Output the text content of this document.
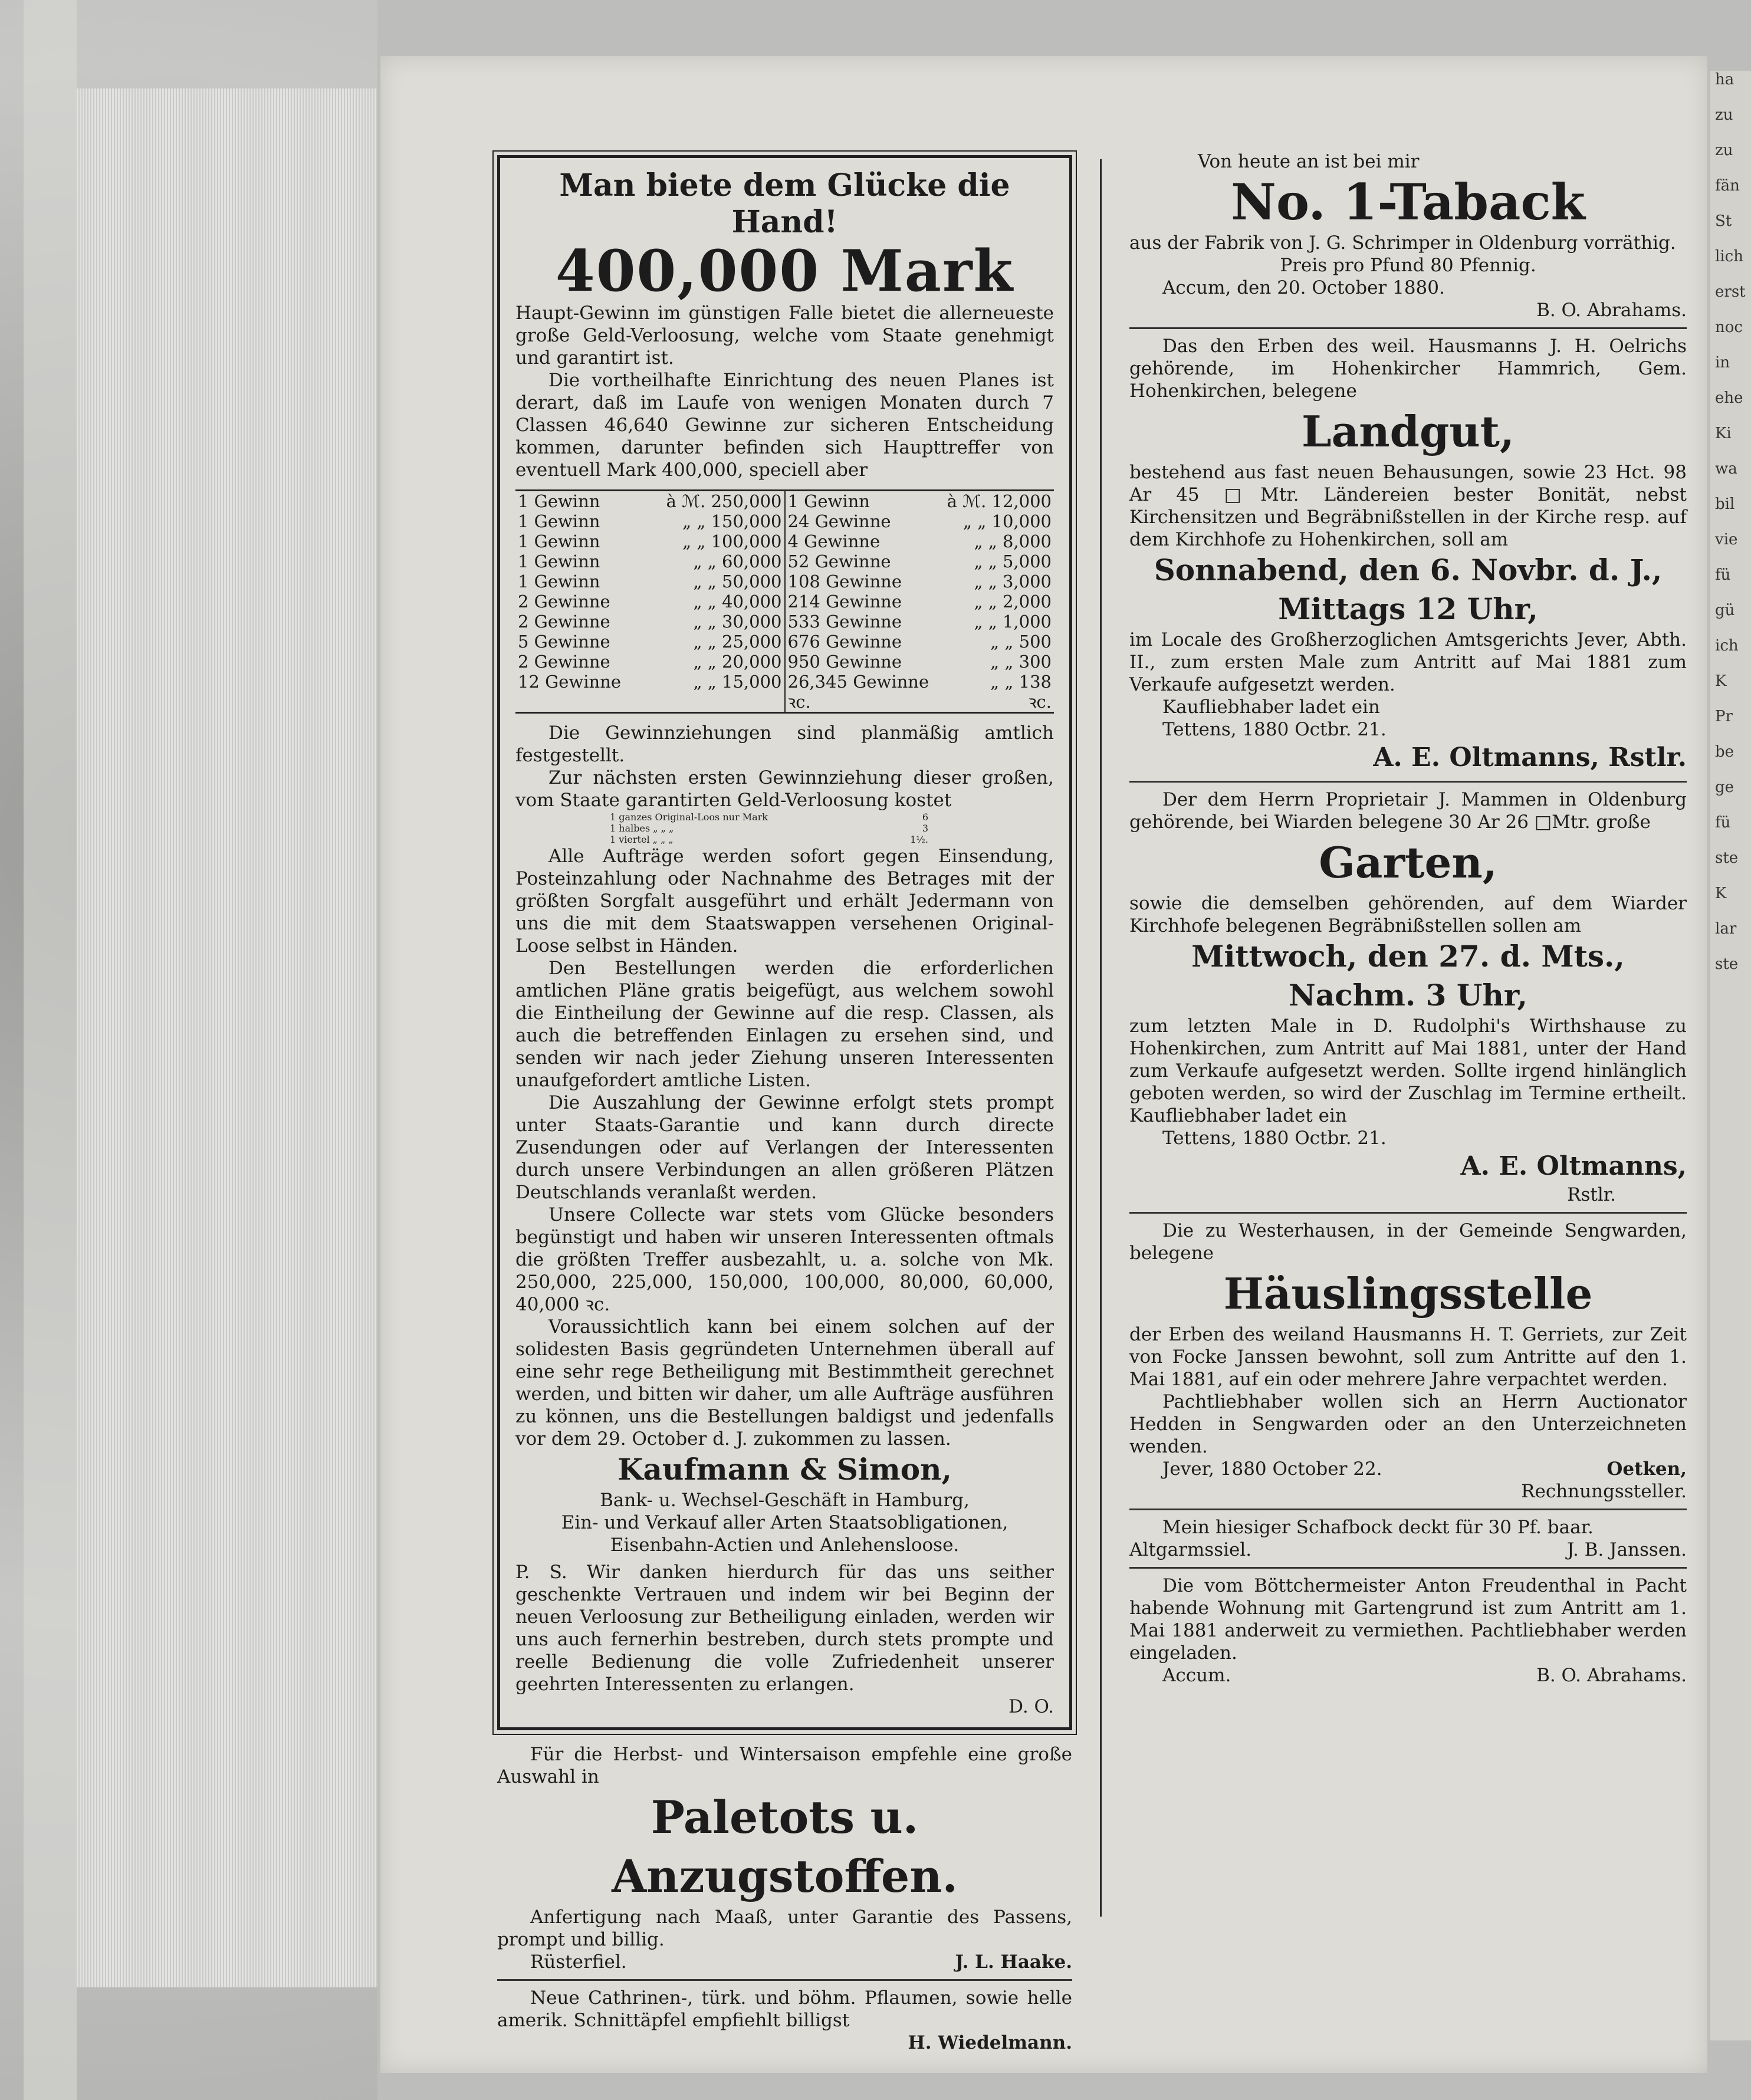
ha
zu
zu
fän
St
lich
erst
noc
in
ehe
Ki
wa
bil
vie
fü
gü
ich
K
Pr
be
ge
fü
ste
K
lar
ste
Man biete dem Glücke die Hand!
400,000 Mark

Haupt-Gewinn im günstigen Falle bietet die allerneueste große Geld-Verloosung, welche vom Staate genehmigt und garantirt ist.

Die vortheilhafte Einrichtung des neuen Planes ist derart, daß im Laufe von wenigen Monaten durch 7 Classen 46,640 Gewinne zur sicheren Entscheidung kommen, darunter befinden sich Haupttreffer von eventuell Mark 400,000, speciell aber

1 Gewinn	à ℳ. 250,000
1 Gewinn	„ „ 150,000
1 Gewinn	„ „ 100,000
1 Gewinn	„ „ 60,000
1 Gewinn	„ „ 50,000
2 Gewinne	„ „ 40,000
2 Gewinne	„ „ 30,000
5 Gewinne	„ „ 25,000
2 Gewinne	„ „ 20,000
12 Gewinne	„ „ 15,000

1 Gewinn	à ℳ. 12,000
24 Gewinne	„ „ 10,000
4 Gewinne	„ „ 8,000
52 Gewinne	„ „ 5,000
108 Gewinne	„ „ 3,000
214 Gewinne	„ „ 2,000
533 Gewinne	„ „ 1,000
676 Gewinne	„ „ 500
950 Gewinne	„ „ 300
26,345 Gewinne	„ „ 138
ꝛc.	ꝛc.

Die Gewinnziehungen sind planmäßig amtlich festgestellt.

Zur nächsten ersten Gewinnziehung dieser großen, vom Staate garantirten Geld-Verloosung kostet

1 ganzes Original-Loos nur Mark	6
1 halbes „ „ „	3
1 viertel „ „ „	1½.

Alle Aufträge werden sofort gegen Einsendung, Posteinzahlung oder Nachnahme des Betrages mit der größten Sorgfalt ausgeführt und erhält Jedermann von uns die mit dem Staatswappen versehenen Original-Loose selbst in Händen.

Den Bestellungen werden die erforderlichen amtlichen Pläne gratis beigefügt, aus welchem sowohl die Eintheilung der Gewinne auf die resp. Classen, als auch die betreffenden Einlagen zu ersehen sind, und senden wir nach jeder Ziehung unseren Interessenten unaufgefordert amtliche Listen.

Die Auszahlung der Gewinne erfolgt stets prompt unter Staats-Garantie und kann durch directe Zusendungen oder auf Verlangen der Interessenten durch unsere Verbindungen an allen größeren Plätzen Deutschlands veranlaßt werden.

Unsere Collecte war stets vom Glücke besonders begünstigt und haben wir unseren Interessenten oftmals die größten Treffer ausbezahlt, u. a. solche von Mk. 250,000, 225,000, 150,000, 100,000, 80,000, 60,000, 40,000 ꝛc.

Voraussichtlich kann bei einem solchen auf der solidesten Basis gegründeten Unternehmen überall auf eine sehr rege Betheiligung mit Bestimmtheit gerechnet werden, und bitten wir daher, um alle Aufträge ausführen zu können, uns die Bestellungen baldigst und jedenfalls vor dem 29. October d. J. zukommen zu lassen.

Kaufmann & Simon,

Bank- u. Wechsel-Geschäft in Hamburg,

Ein- und Verkauf aller Arten Staatsobligationen, Eisenbahn-Actien und Anlehensloose.

P. S. Wir danken hierdurch für das uns seither geschenkte Vertrauen und indem wir bei Beginn der neuen Verloosung zur Betheiligung einladen, werden wir uns auch fernerhin bestreben, durch stets prompte und reelle Bedienung die volle Zufriedenheit unserer geehrten Interessenten zu erlangen.

D. O.

Für die Herbst- und Wintersaison empfehle eine große Auswahl in

Paletots u. Anzugstoffen.

Anfertigung nach Maaß, unter Garantie des Passens, prompt und billig.

Rüsterfiel.	J. L. Haake.

Neue Cathrinen-, türk. und böhm. Pflaumen, sowie helle amerik. Schnittäpfel empfiehlt billigst

H. Wiedelmann.

Von heute an ist bei mir

No. 1-Taback

aus der Fabrik von J. G. Schrimper in Oldenburg vorräthig.

Preis pro Pfund 80 Pfennig.

Accum, den 20. October 1880.

B. O. Abrahams.

Das den Erben des weil. Hausmanns J. H. Oelrichs gehörende, im Hohenkircher Hammrich, Gem. Hohenkirchen, belegene

Landgut,

bestehend aus fast neuen Behausungen, sowie 23 Hct. 98 Ar 45 □Mtr. Ländereien bester Bonität, nebst Kirchensitzen und Begräbnißstellen in der Kirche resp. auf dem Kirchhofe zu Hohenkirchen, soll am

Sonnabend, den 6. Novbr. d. J.,
Mittags 12 Uhr,

im Locale des Großherzoglichen Amtsgerichts Jever, Abth. II., zum ersten Male zum Antritt auf Mai 1881 zum Verkaufe aufgesetzt werden.

Kaufliebhaber ladet ein

Tettens, 1880 Octbr. 21.

A. E. Oltmanns, Rstlr.

Der dem Herrn Proprietair J. Mammen in Oldenburg gehörende, bei Wiarden belegene 30 Ar 26 □Mtr. große

Garten,

sowie die demselben gehörenden, auf dem Wiarder Kirchhofe belegenen Begräbnißstellen sollen am

Mittwoch, den 27. d. Mts.,
Nachm. 3 Uhr,

zum letzten Male in D. Rudolphi's Wirthshause zu Hohenkirchen, zum Antritt auf Mai 1881, unter der Hand zum Verkaufe aufgesetzt werden. Sollte irgend hinlänglich geboten werden, so wird der Zuschlag im Termine ertheilt. Kaufliebhaber ladet ein

Tettens, 1880 Octbr. 21.

A. E. Oltmanns,

Rstlr.

Die zu Westerhausen, in der Gemeinde Sengwarden, belegene

Häuslingsstelle

der Erben des weiland Hausmanns H. T. Gerriets, zur Zeit von Focke Janssen bewohnt, soll zum Antritte auf den 1. Mai 1881, auf ein oder mehrere Jahre verpachtet werden.

Pachtliebhaber wollen sich an Herrn Auctionator Hedden in Sengwarden oder an den Unterzeichneten wenden.

Jever, 1880 October 22.	Oetken,

Rechnungssteller.

Mein hiesiger Schafbock deckt für 30 Pf. baar.

Altgarmssiel.	J. B. Janssen.

Die vom Böttchermeister Anton Freudenthal in Pacht habende Wohnung mit Gartengrund ist zum Antritt am 1. Mai 1881 anderweit zu vermiethen. Pachtliebhaber werden eingeladen.

Accum.	B. O. Abrahams.
